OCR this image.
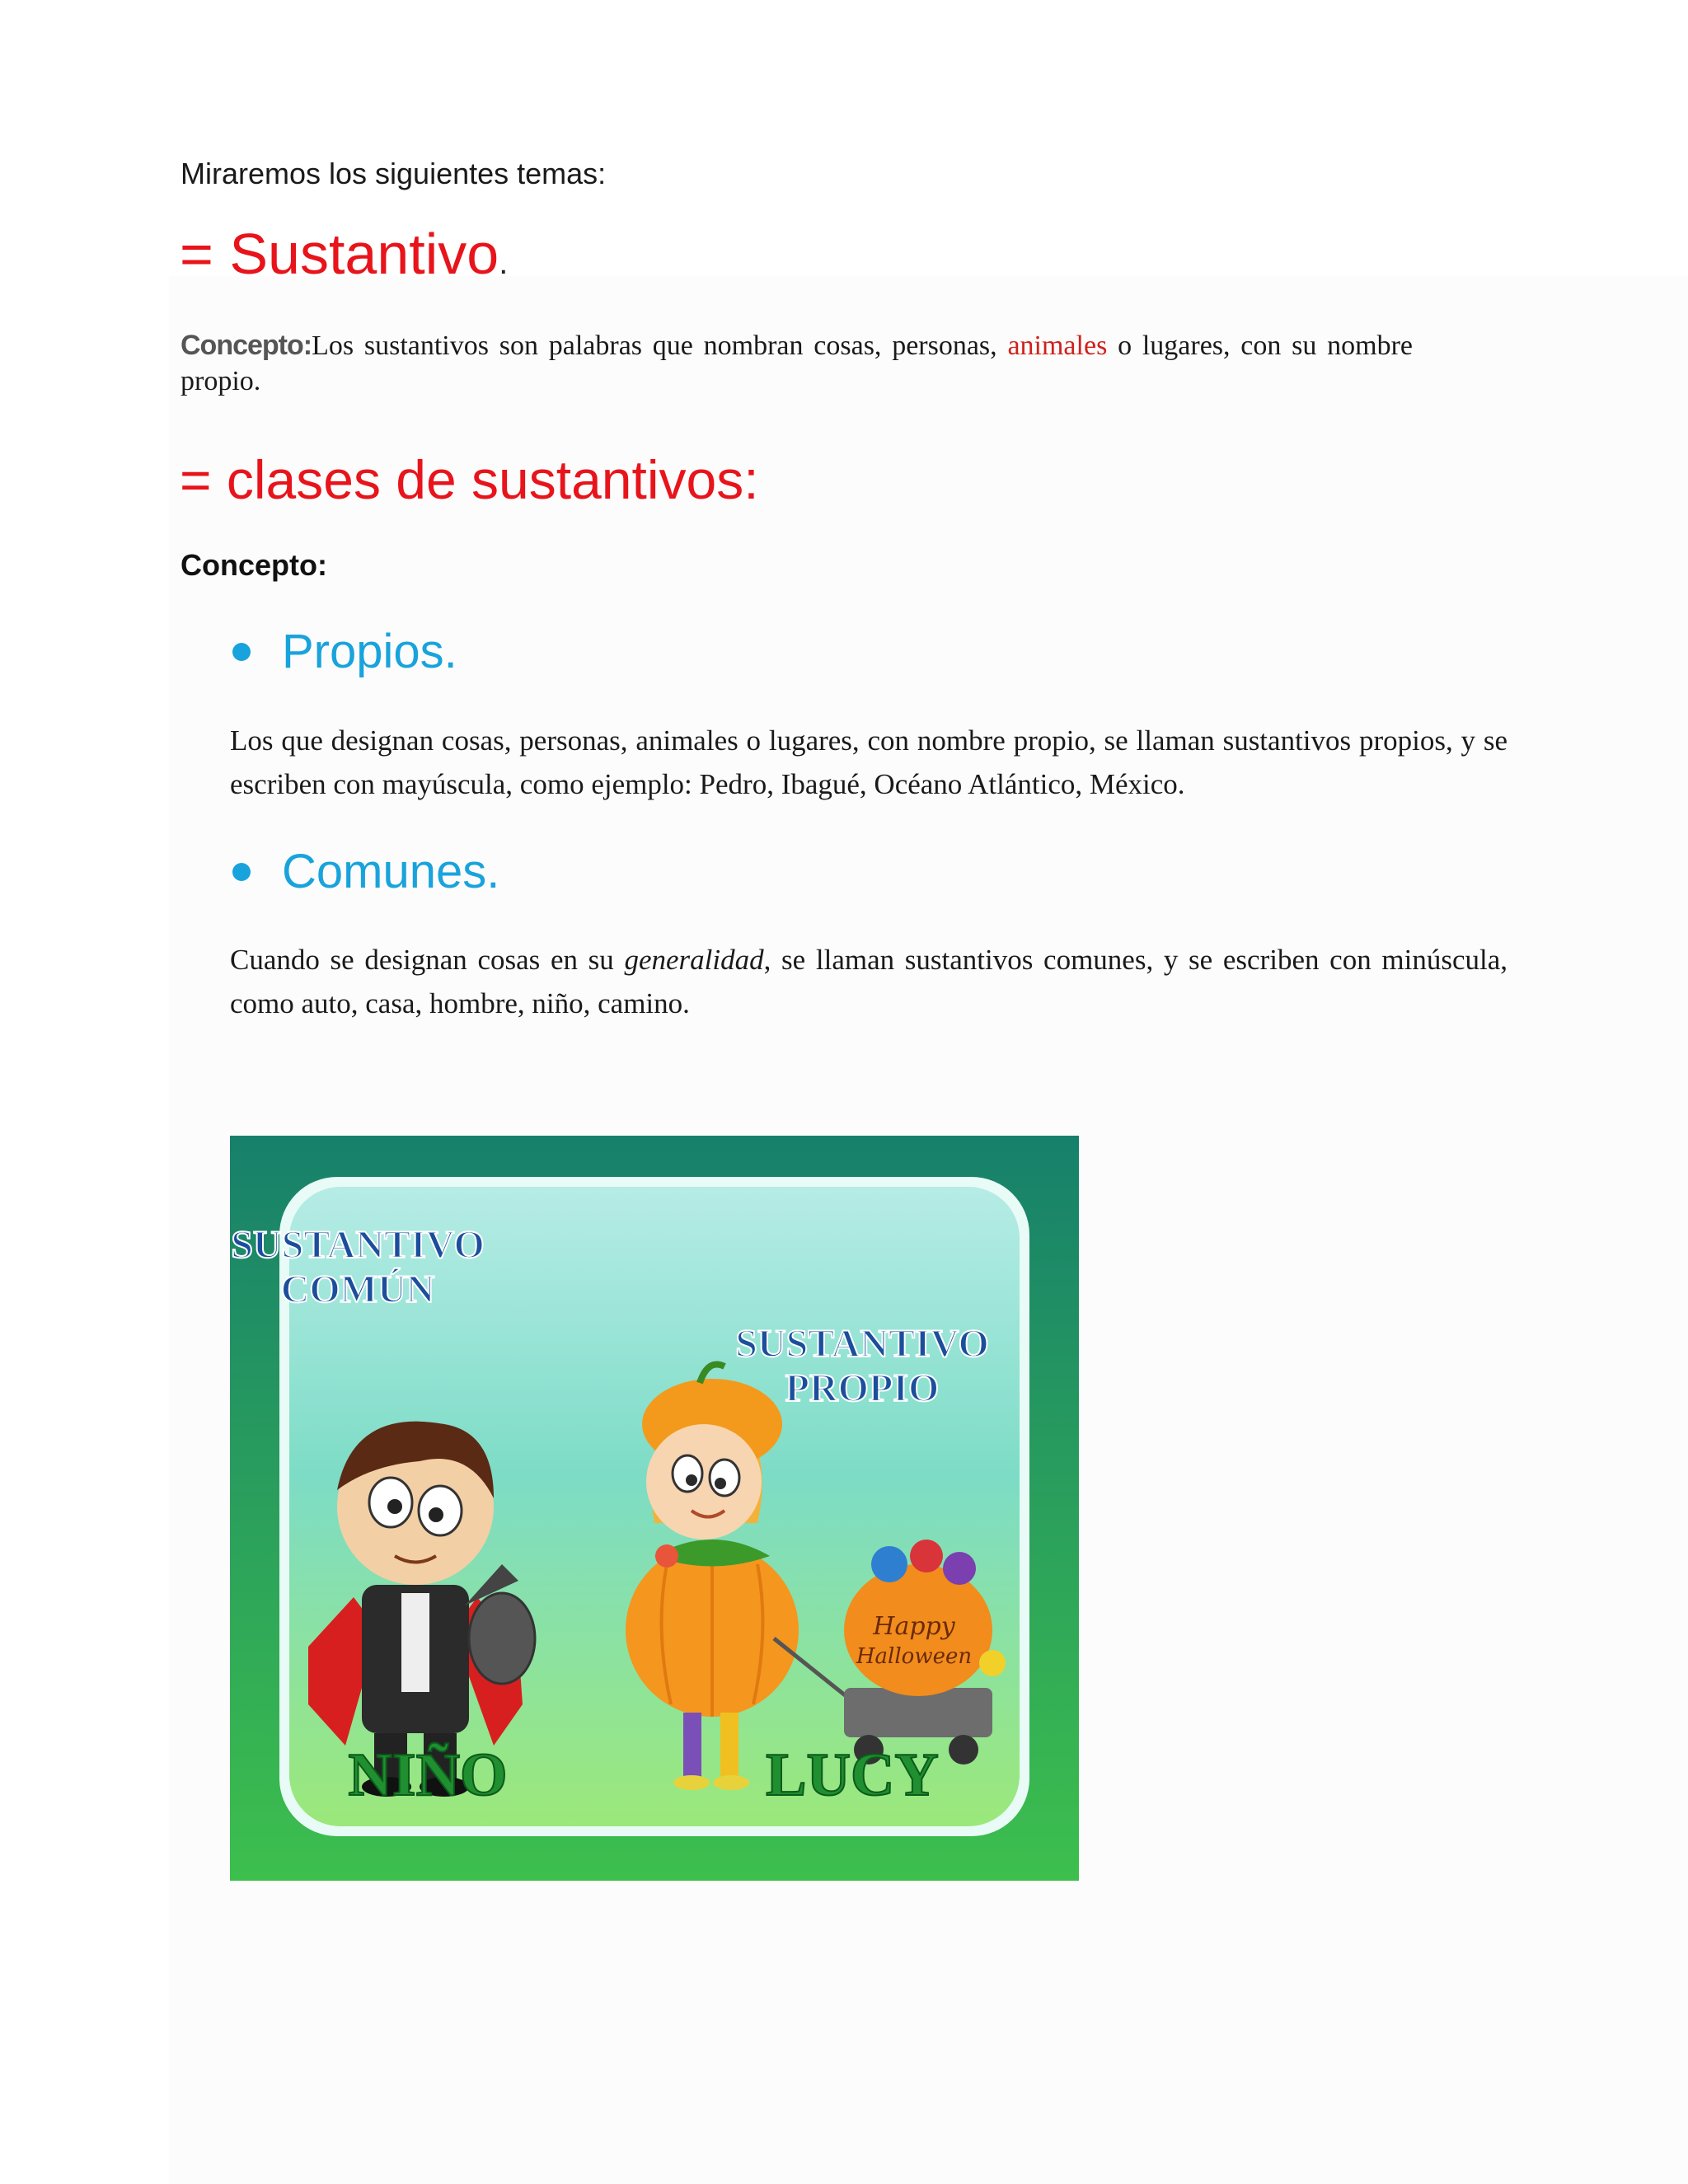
Miraremos los siguientes temas:
= Sustantivo.
Concepto:Los sustantivos son palabras que nombran cosas, personas, animales o lugares, con su nombre propio.
= clases de sustantivos:
Concepto:
Propios.
Los que designan cosas, personas, animales o lugares, con nombre propio, se llaman sustantivos propios, y se escriben con mayúscula, como ejemplo: Pedro, Ibagué, Océano Atlántico, México.
Comunes.
Cuando se designan cosas en su generalidad, se llaman sustantivos comunes, y se escriben con minúscula, como auto, casa, hombre, niño, camino.
SUSTANTIVO
COMÚN
SUSTANTIVO
PROPIO
Happy
Halloween
NIÑO	LUCY
